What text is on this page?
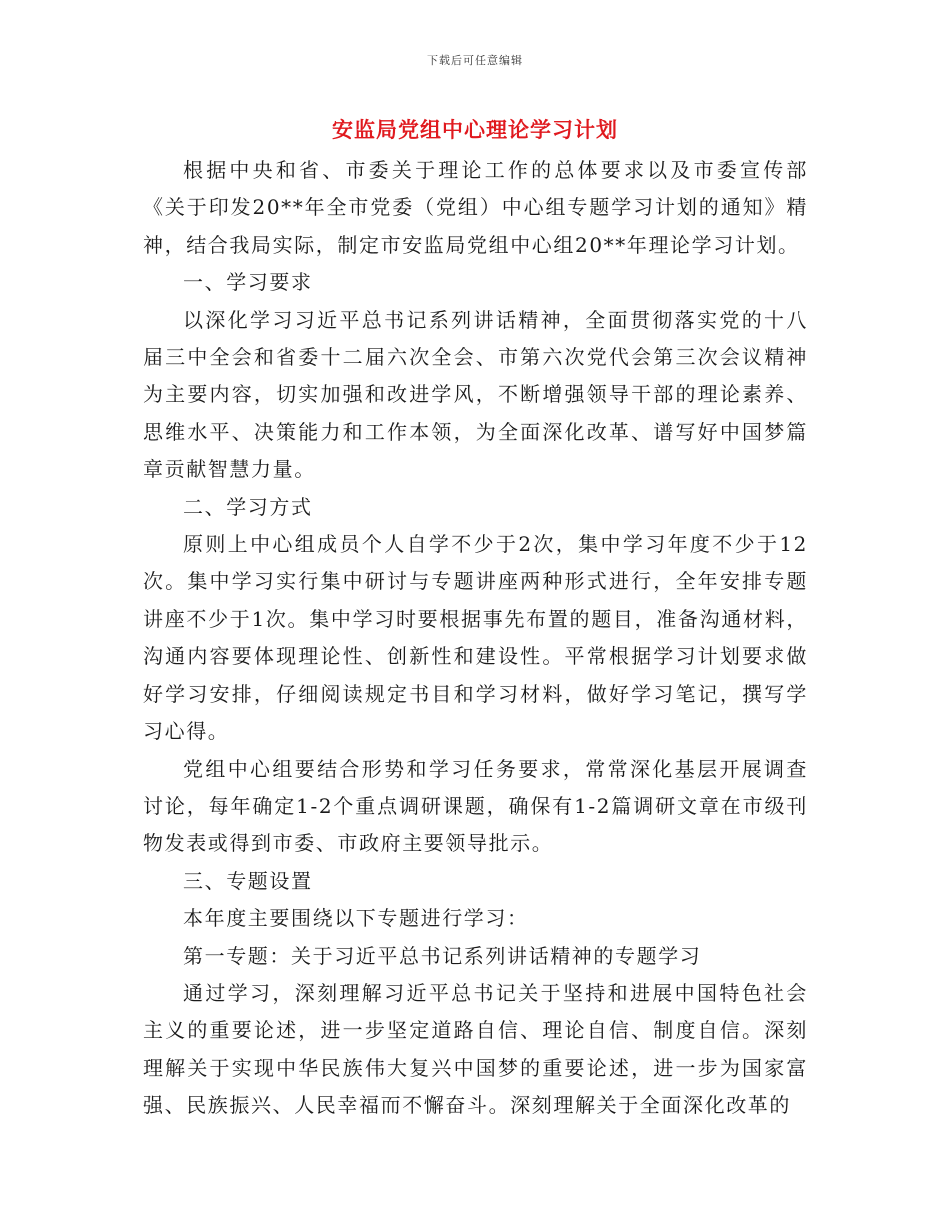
下载后可任意编辑
安监局党组中心理论学习计划

根据中央和省、市委关于理论工作的总体要求以及市委宣传部《关于印发20**年全市党委（党组）中心组专题学习计划的通知》精神，结合我局实际，制定市安监局党组中心组20**年理论学习计划。

一、学习要求

以深化学习习近平总书记系列讲话精神，全面贯彻落实党的十八届三中全会和省委十二届六次全会、市第六次党代会第三次会议精神为主要内容，切实加强和改进学风，不断增强领导干部的理论素养、思维水平、决策能力和工作本领，为全面深化改革、谱写好中国梦篇章贡献智慧力量。

二、学习方式

原则上中心组成员个人自学不少于2次，集中学习年度不少于12次。集中学习实行集中研讨与专题讲座两种形式进行，全年安排专题讲座不少于1次。集中学习时要根据事先布置的题目，准备沟通材料，沟通内容要体现理论性、创新性和建设性。平常根据学习计划要求做好学习安排，仔细阅读规定书目和学习材料，做好学习笔记，撰写学习心得。

党组中心组要结合形势和学习任务要求，常常深化基层开展调查讨论，每年确定1-2个重点调研课题，确保有1-2篇调研文章在市级刊物发表或得到市委、市政府主要领导批示。

三、专题设置

本年度主要围绕以下专题进行学习：

第一专题：关于习近平总书记系列讲话精神的专题学习

通过学习，深刻理解习近平总书记关于坚持和进展中国特色社会主义的重要论述，进一步坚定道路自信、理论自信、制度自信。深刻理解关于实现中华民族伟大复兴中国梦的重要论述，进一步为国家富强、民族振兴、人民幸福而不懈奋斗。深刻理解关于全面深化改革的
